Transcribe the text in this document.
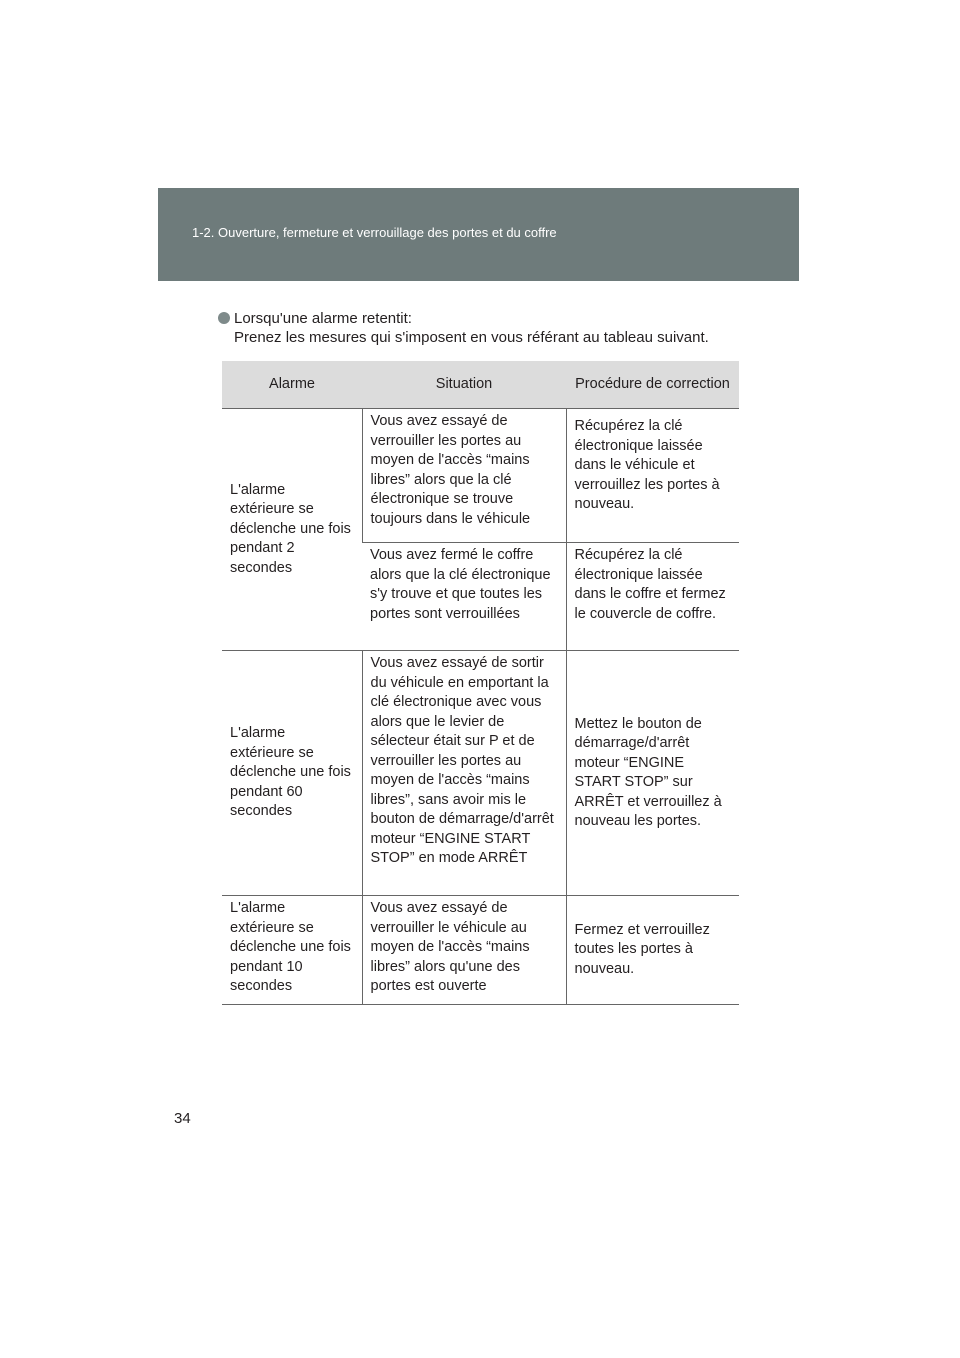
1-2. Ouverture, fermeture et verrouillage des portes et du coffre
Lorsqu'une alarme retentit:
Prenez les mesures qui s'imposent en vous référant au tableau suivant.
Alarme	Situation	Procédure de correction
L'alarme extérieure se déclenche une fois pendant 2 secondes	Vous avez essayé de verrouiller les portes au moyen de l'accès “mains libres” alors que la clé électronique se trouve toujours dans le véhicule	Récupérez la clé électronique laissée dans le véhicule et verrouillez les portes à nouveau.
	Vous avez fermé le coffre alors que la clé électronique s'y trouve et que toutes les portes sont verrouillées	Récupérez la clé électronique laissée dans le coffre et fermez le couvercle de coffre.
L'alarme extérieure se déclenche une fois pendant 60 secondes	Vous avez essayé de sortir du véhicule en emportant la clé électronique avec vous alors que le levier de sélecteur était sur P et de verrouiller les portes au moyen de l'accès “mains libres”, sans avoir mis le bouton de démarrage/d'arrêt moteur “ENGINE START STOP” en mode ARRÊT	Mettez le bouton de démarrage/d'arrêt moteur “ENGINE START STOP” sur ARRÊT et verrouillez à nouveau les portes.
L'alarme extérieure se déclenche une fois pendant 10 secondes	Vous avez essayé de verrouiller le véhicule au moyen de l'accès “mains libres” alors qu'une des portes est ouverte	Fermez et verrouillez toutes les portes à nouveau.
34
